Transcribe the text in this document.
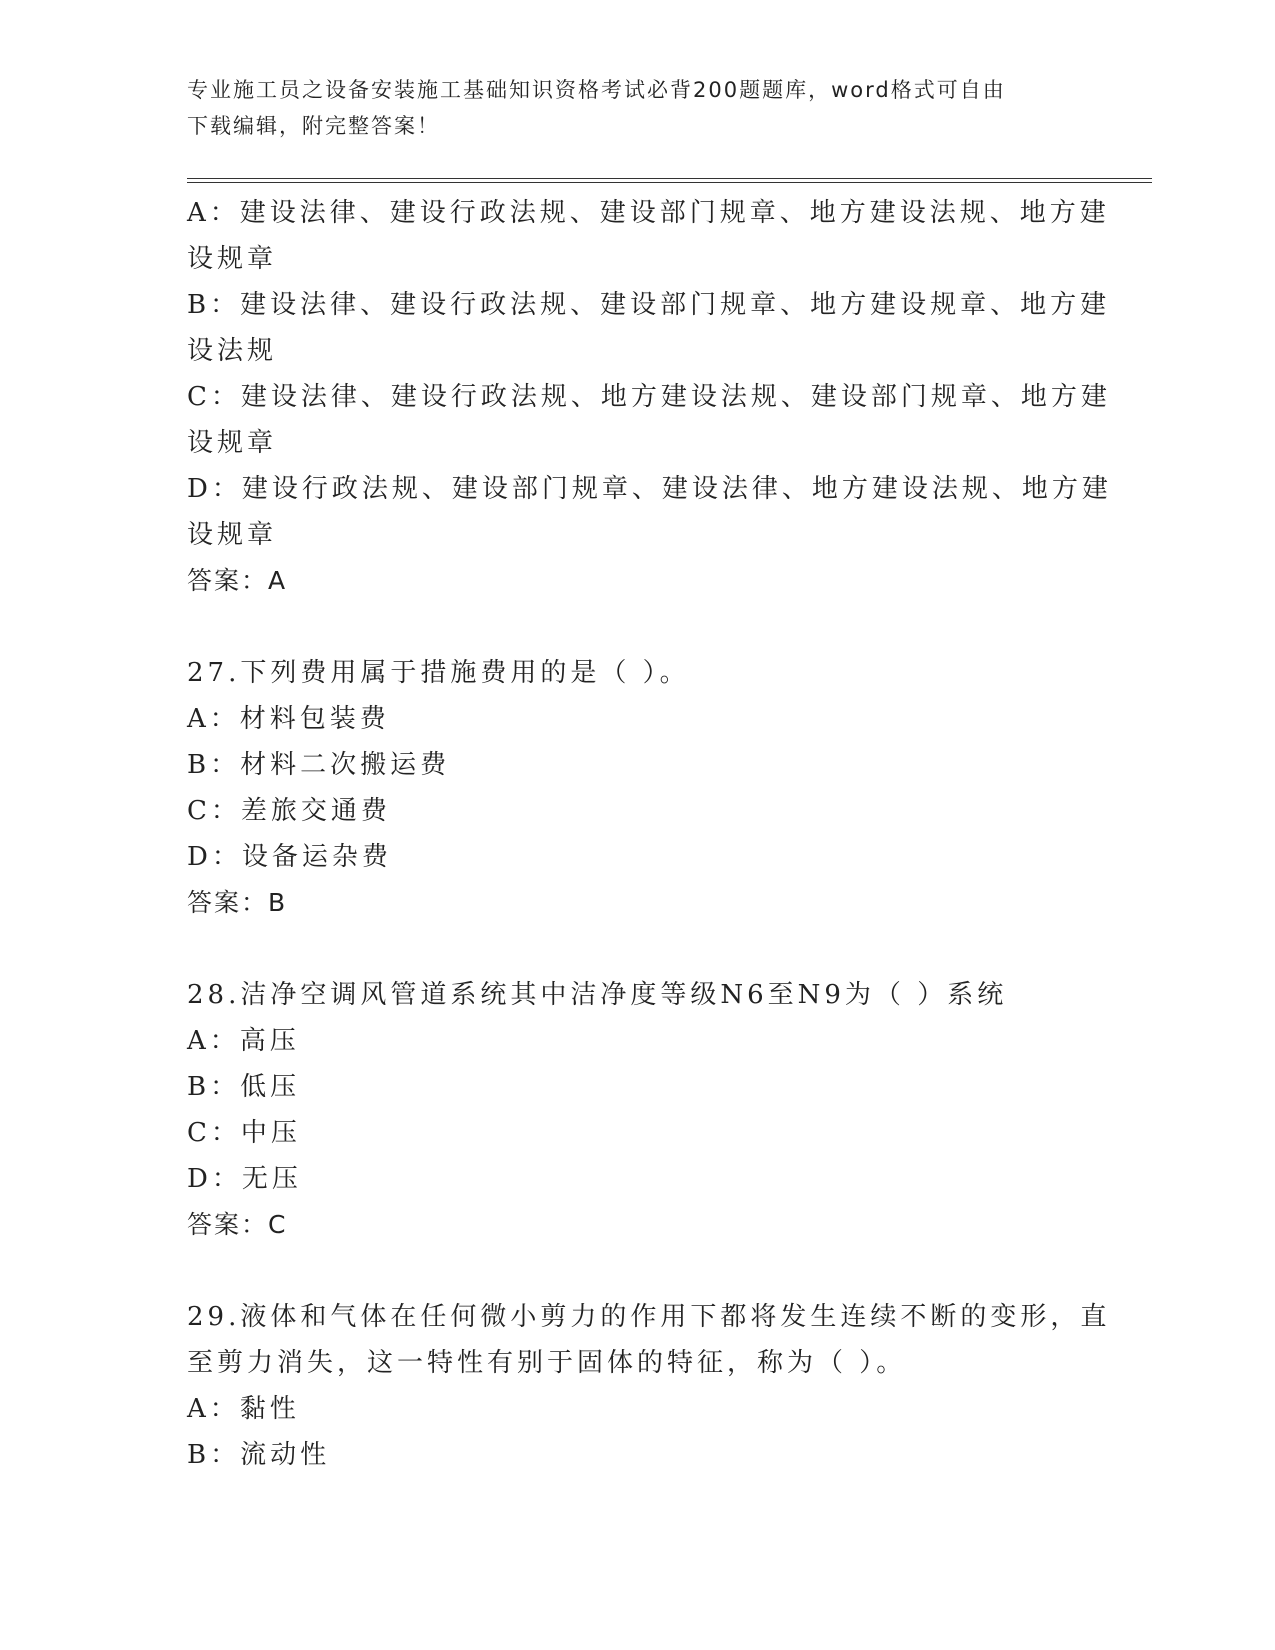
专业施工员之设备安装施工基础知识资格考试必背200题题库，word格式可自由
下载编辑，附完整答案！
A：建设法律、建设行政法规、建设部门规章、地方建设法规、地方建
设规章
B：建设法律、建设行政法规、建设部门规章、地方建设规章、地方建
设法规
C：建设法律、建设行政法规、地方建设法规、建设部门规章、地方建
设规章
D：建设行政法规、建设部门规章、建设法律、地方建设法规、地方建
设规章
答案：A
27.下列费用属于措施费用的是（ ）。
A：材料包装费
B：材料二次搬运费
C：差旅交通费
D：设备运杂费
答案：B
28.洁净空调风管道系统其中洁净度等级N6至N9为（ ）系统
A：高压
B：低压
C：中压
D：无压
答案：C
29.液体和气体在任何微小剪力的作用下都将发生连续不断的变形，直
至剪力消失，这一特性有别于固体的特征，称为（ ）。
A：黏性
B：流动性
